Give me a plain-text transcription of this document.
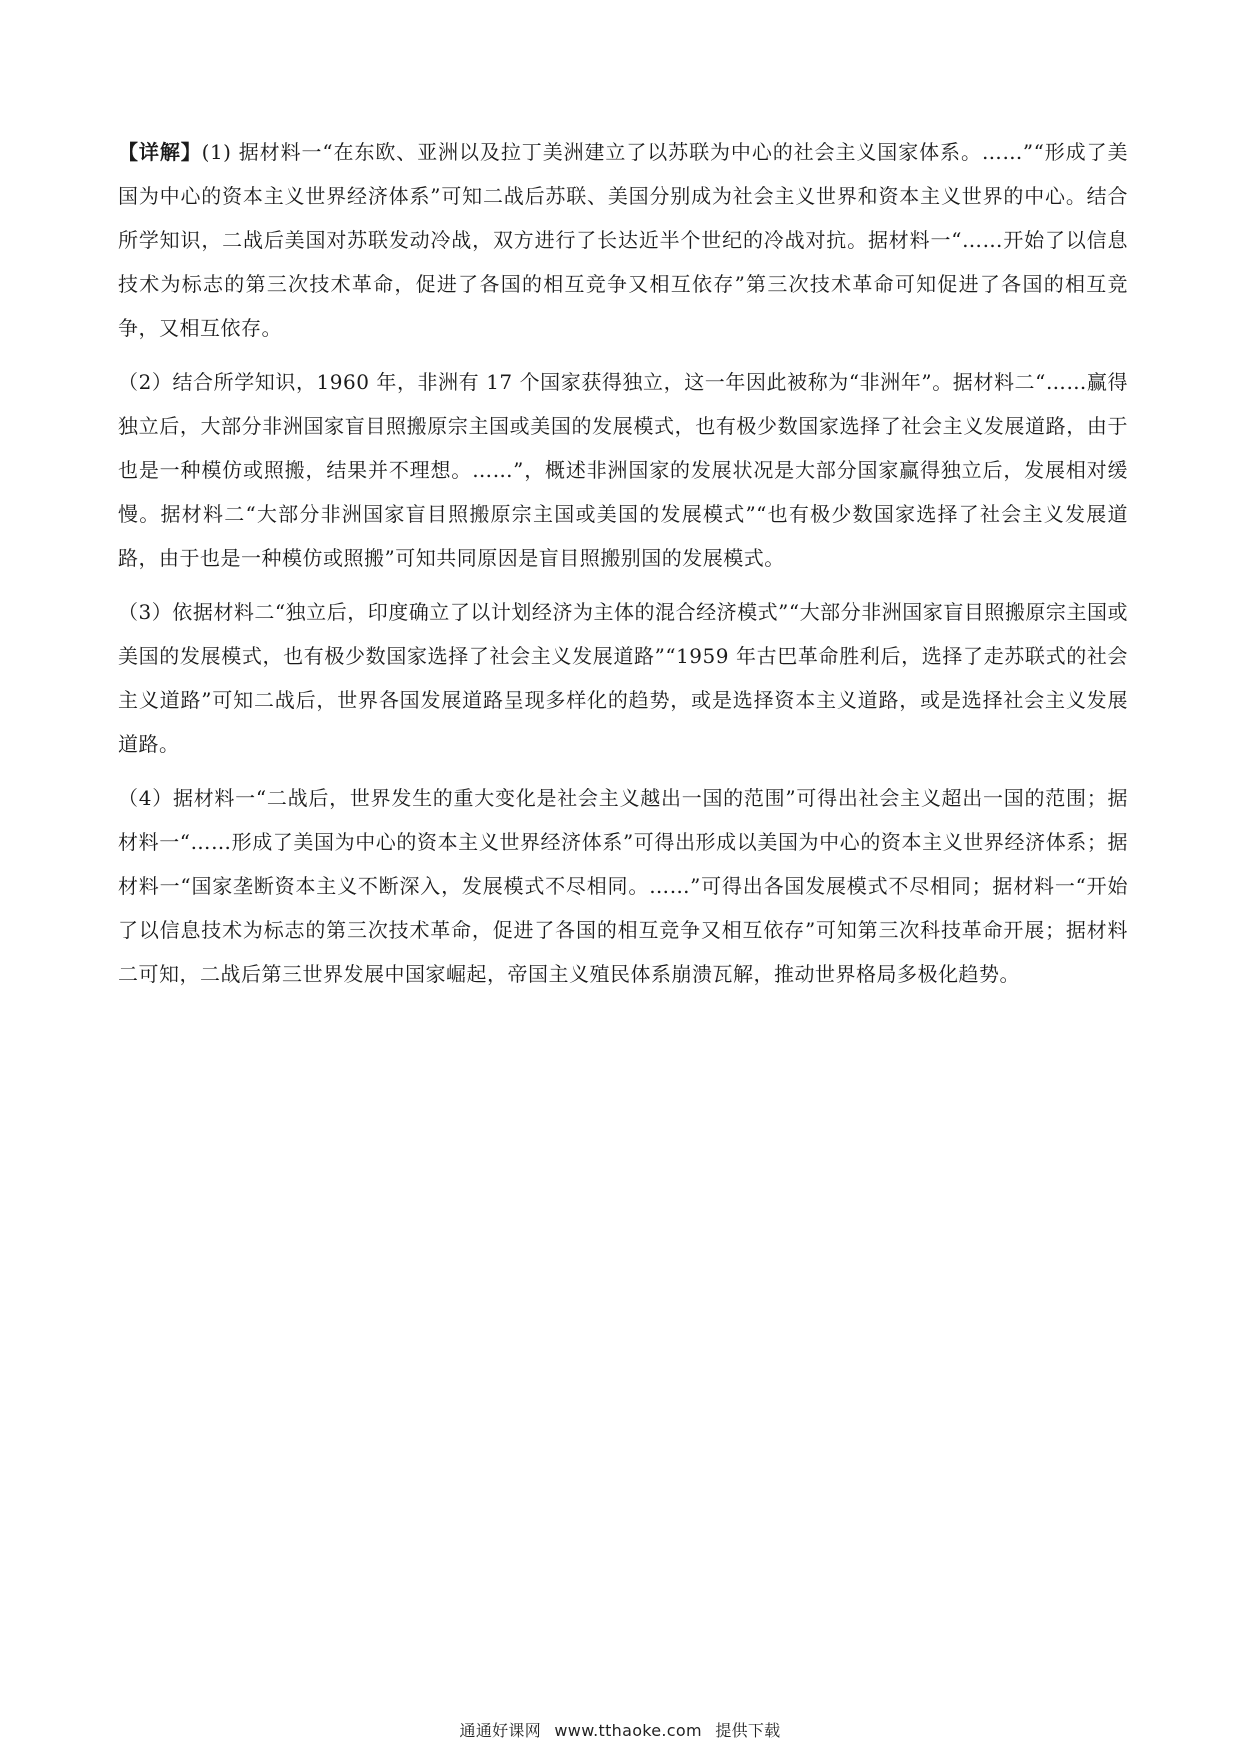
【详解】(1) 据材料一“在东欧、亚洲以及拉丁美洲建立了以苏联为中心的社会主义国家体系。……”“形成了美国为中心的资本主义世界经济体系”可知二战后苏联、美国分别成为社会主义世界和资本主义世界的中心。结合所学知识，二战后美国对苏联发动冷战，双方进行了长达近半个世纪的冷战对抗。据材料一“……开始了以信息技术为标志的第三次技术革命，促进了各国的相互竞争又相互依存”第三次技术革命可知促进了各国的相互竞争，又相互依存。

（2）结合所学知识，1960 年，非洲有 17 个国家获得独立，这一年因此被称为“非洲年”。据材料二“……赢得独立后，大部分非洲国家盲目照搬原宗主国或美国的发展模式，也有极少数国家选择了社会主义发展道路，由于也是一种模仿或照搬，结果并不理想。……”，概述非洲国家的发展状况是大部分国家赢得独立后，发展相对缓慢。据材料二“大部分非洲国家盲目照搬原宗主国或美国的发展模式”“也有极少数国家选择了社会主义发展道路，由于也是一种模仿或照搬”可知共同原因是盲目照搬别国的发展模式。

（3）依据材料二“独立后，印度确立了以计划经济为主体的混合经济模式”“大部分非洲国家盲目照搬原宗主国或美国的发展模式，也有极少数国家选择了社会主义发展道路”“1959 年古巴革命胜利后，选择了走苏联式的社会主义道路”可知二战后，世界各国发展道路呈现多样化的趋势，或是选择资本主义道路，或是选择社会主义发展道路。

（4）据材料一“二战后，世界发生的重大变化是社会主义越出一国的范围”可得出社会主义超出一国的范围；据材料一“……形成了美国为中心的资本主义世界经济体系”可得出形成以美国为中心的资本主义世界经济体系；据材料一“国家垄断资本主义不断深入，发展模式不尽相同。……”可得出各国发展模式不尽相同；据材料一“开始了以信息技术为标志的第三次技术革命，促进了各国的相互竞争又相互依存”可知第三次科技革命开展；据材料二可知，二战后第三世界发展中国家崛起，帝国主义殖民体系崩溃瓦解，推动世界格局多极化趋势。

通通好课网 www.tthaoke.com 提供下载
